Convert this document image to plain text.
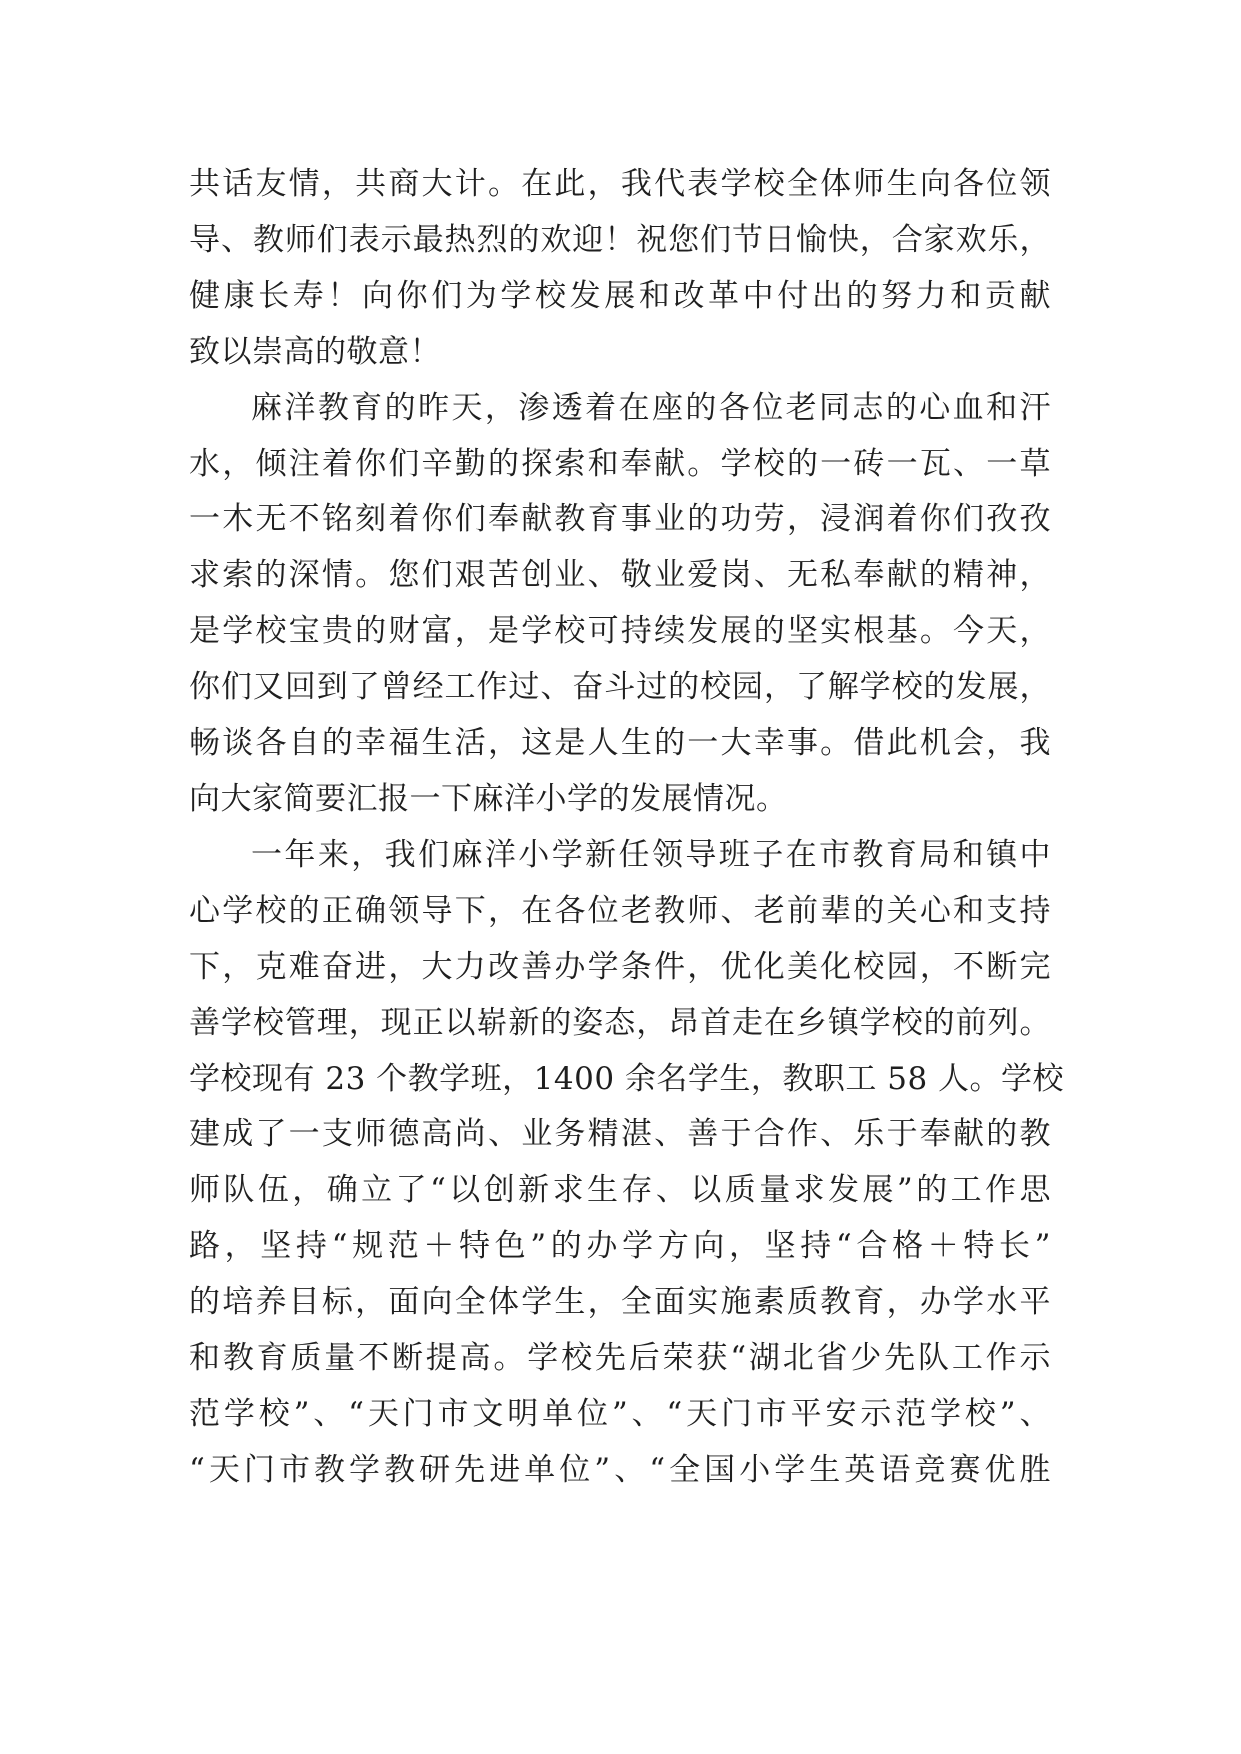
共话友情，共商大计。在此，我代表学校全体师生向各位领
导、教师们表示最热烈的欢迎！祝您们节日愉快，合家欢乐，
健康长寿！向你们为学校发展和改革中付出的努力和贡献
致以崇高的敬意！

麻洋教育的昨天，渗透着在座的各位老同志的心血和汗
水，倾注着你们辛勤的探索和奉献。学校的一砖一瓦、一草
一木无不铭刻着你们奉献教育事业的功劳，浸润着你们孜孜
求索的深情。您们艰苦创业、敬业爱岗、无私奉献的精神，
是学校宝贵的财富，是学校可持续发展的坚实根基。今天，
你们又回到了曾经工作过、奋斗过的校园，了解学校的发展，
畅谈各自的幸福生活，这是人生的一大幸事。借此机会，我
向大家简要汇报一下麻洋小学的发展情况。

一年来，我们麻洋小学新任领导班子在市教育局和镇中
心学校的正确领导下，在各位老教师、老前辈的关心和支持
下，克难奋进，大力改善办学条件，优化美化校园，不断完
善学校管理，现正以崭新的姿态，昂首走在乡镇学校的前列。
学校现有 23 个教学班，1400 余名学生，教职工 58 人。学校
建成了一支师德高尚、业务精湛、善于合作、乐于奉献的教
师队伍，确立了“以创新求生存、以质量求发展”的工作思
路，坚持“规范＋特色”的办学方向，坚持“合格＋特长”
的培养目标，面向全体学生，全面实施素质教育，办学水平
和教育质量不断提高。学校先后荣获“湖北省少先队工作示
范学校”、“天门市文明单位”、“天门市平安示范学校”、
“天门市教学教研先进单位”、“全国小学生英语竞赛优胜
